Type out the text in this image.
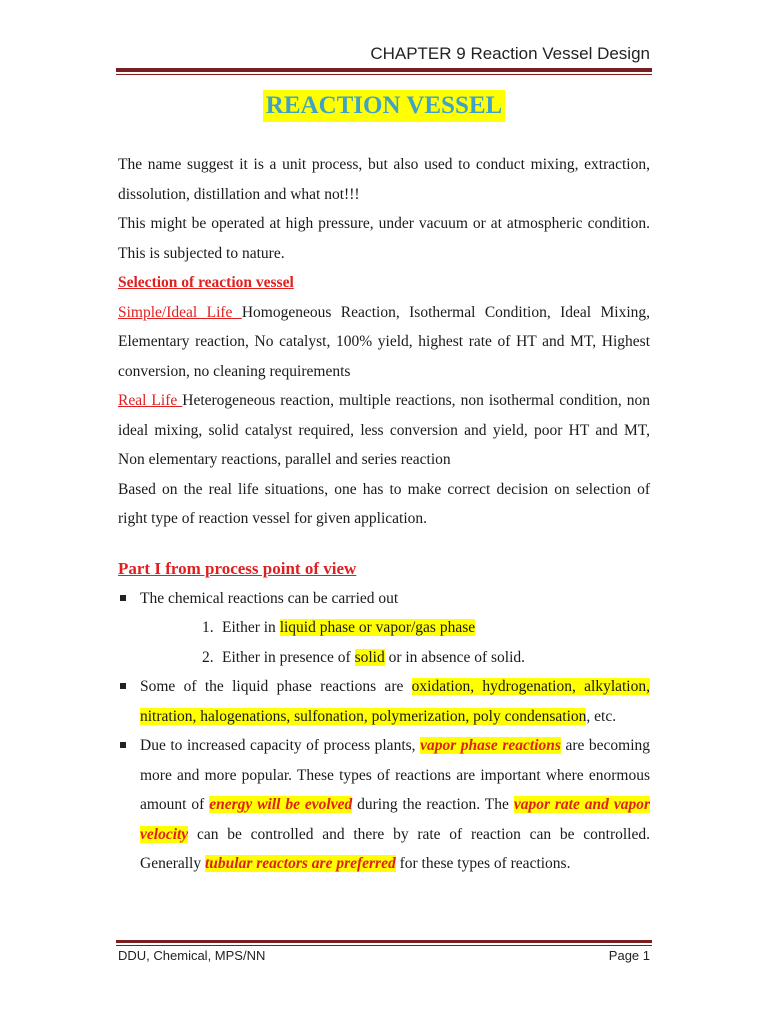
CHAPTER 9 Reaction Vessel Design
REACTION VESSEL

The name suggest it is a unit process, but also used to conduct mixing, extraction, dissolution, distillation and what not!!!

This might be operated at high pressure, under vacuum or at atmospheric condition. This is subjected to nature.

Selection of reaction vessel

Simple/Ideal Life Homogeneous Reaction, Isothermal Condition, Ideal Mixing, Elementary reaction, No catalyst, 100% yield, highest rate of HT and MT, Highest conversion, no cleaning requirements

Real Life Heterogeneous reaction, multiple reactions, non isothermal condition, non ideal mixing, solid catalyst required, less conversion and yield, poor HT and MT, Non elementary reactions, parallel and series reaction

Based on the real life situations, one has to make correct decision on selection of right type of reaction vessel for given application.

Part I from process point of view

The chemical reactions can be carried out
1. Either in liquid phase or vapor/gas phase
2. Either in presence of solid or in absence of solid.
Some of the liquid phase reactions are oxidation, hydrogenation, alkylation, nitration, halogenations, sulfonation, polymerization, poly condensation, etc.
Due to increased capacity of process plants, vapor phase reactions are becoming more and more popular. These types of reactions are important where enormous amount of energy will be evolved during the reaction. The vapor rate and vapor velocity can be controlled and there by rate of reaction can be controlled. Generally tubular reactors are preferred for these types of reactions.
DDU, Chemical, MPS/NN	Page 1
